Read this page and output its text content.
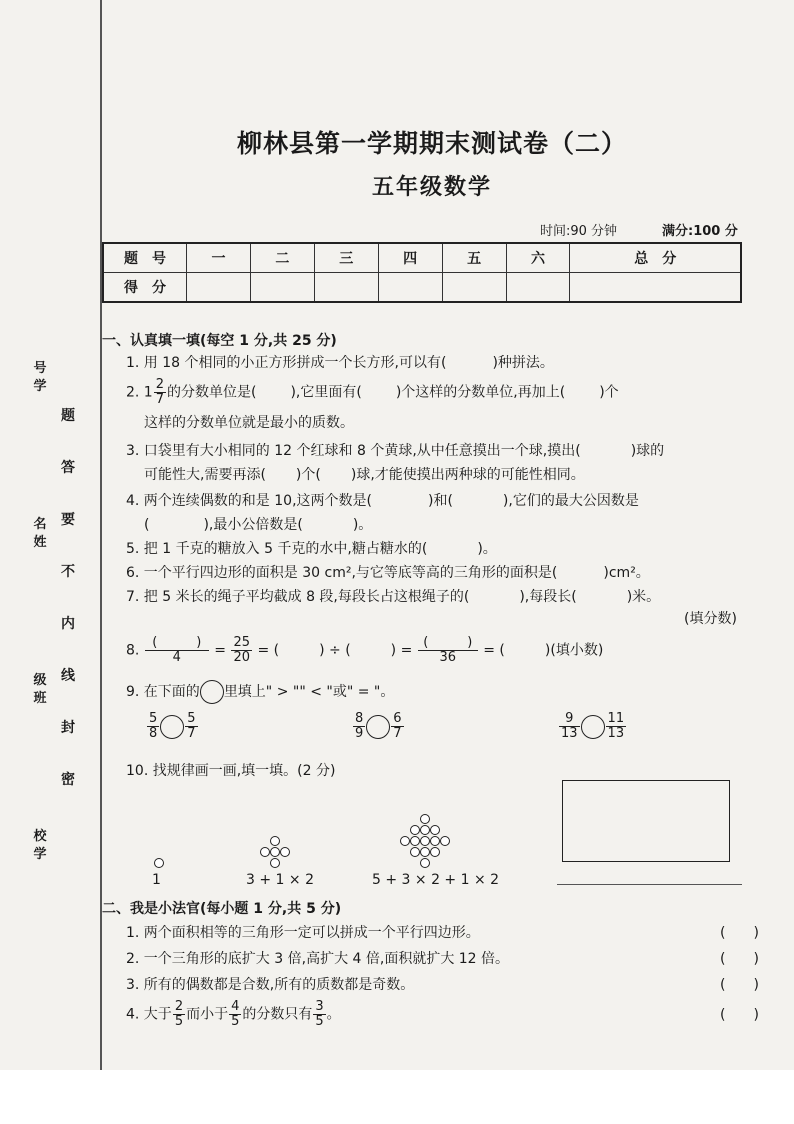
号
学
名
姓
级
班
校
学
题
答
要
不
内
线
封
密
柳林县第一学期期末测试卷（二）
五年级数学
时间:90 分钟	满分:100 分
题　号	一	二	三	四	五	六	总　分
得　分							
一、认真填一填(每空 1 分,共 25 分)
1. 用 18 个相同的小正方形拼成一个长方形,可以有(	)种拼法。
2. $1 \frac{2}{7}$ 的分数单位是( ),它里面有( )个这样的分数单位,再加上( )个
这样的分数单位就是最小的质数。
3. 口袋里有大小相同的 12 个红球和 8 个黄球,从中任意摸出一个球,摸出(	)球的
可能性大,需要再添( )个( )球,才能使摸出两种球的可能性相同。
4. 两个连续偶数的和是 10,这两个数是(	)和(	),它们的最大公因数是
(	),最小公倍数是(	)。
5. 把 1 千克的糖放入 5 千克的水中,糖占糖水的(	)。
6. 一个平行四边形的面积是 30 cm²,与它等底等高的三角形的面积是(	)cm²。
7. 把 5 米长的绳子平均截成 8 段,每段长占这根绳子的(	),每段长(	)米。
(填分数)
8. $\frac{( )}{4} = \frac{25}{20}$ = (	) ÷ (	) = $\frac{( )}{36}$ = (	)(填小数)
9. 在下面的 里填上" > "" < "或" = "。
$\frac{5}{8} \frac{5}{7}$	$\frac{8}{9} \frac{6}{7}$	$\frac{9}{13} \frac{11}{13}$
10. 找规律画一画,填一填。(2 分)
1	3 + 1 × 2	5 + 3 × 2 + 1 × 2
二、我是小法官(每小题 1 分,共 5 分)
1. 两个面积相等的三角形一定可以拼成一个平行四边形。	(　　)
2. 一个三角形的底扩大 3 倍,高扩大 4 倍,面积就扩大 12 倍。	(　　)
3. 所有的偶数都是合数,所有的质数都是奇数。	(　　)
4. 大于 $\frac{2}{5}$ 而小于 $\frac{4}{5}$ 的分数只有 $\frac{3}{5}$ 。	(　　)
